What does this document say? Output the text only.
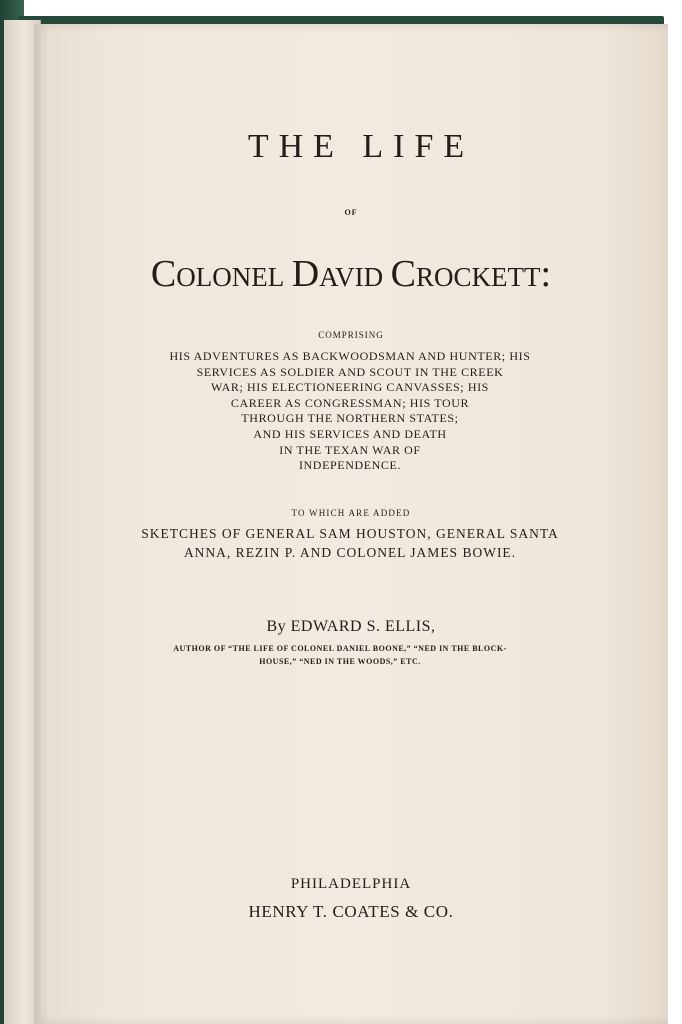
THE LIFE
OF
Colonel David Crockett:
COMPRISING
HIS ADVENTURES AS BACKWOODSMAN AND HUNTER; HIS
SERVICES AS SOLDIER AND SCOUT IN THE CREEK
WAR; HIS ELECTIONEERING CANVASSES; HIS
CAREER AS CONGRESSMAN; HIS TOUR
THROUGH THE NORTHERN STATES;
AND HIS SERVICES AND DEATH
IN THE TEXAN WAR OF
INDEPENDENCE.
TO WHICH ARE ADDED
SKETCHES OF GENERAL SAM HOUSTON, GENERAL SANTA
ANNA, REZIN P. AND COLONEL JAMES BOWIE.
By EDWARD S. ELLIS,
AUTHOR OF “THE LIFE OF COLONEL DANIEL BOONE,” “NED IN THE BLOCK-
HOUSE,” “NED IN THE WOODS,” ETC.
PHILADELPHIA
HENRY T. COATES & CO.
